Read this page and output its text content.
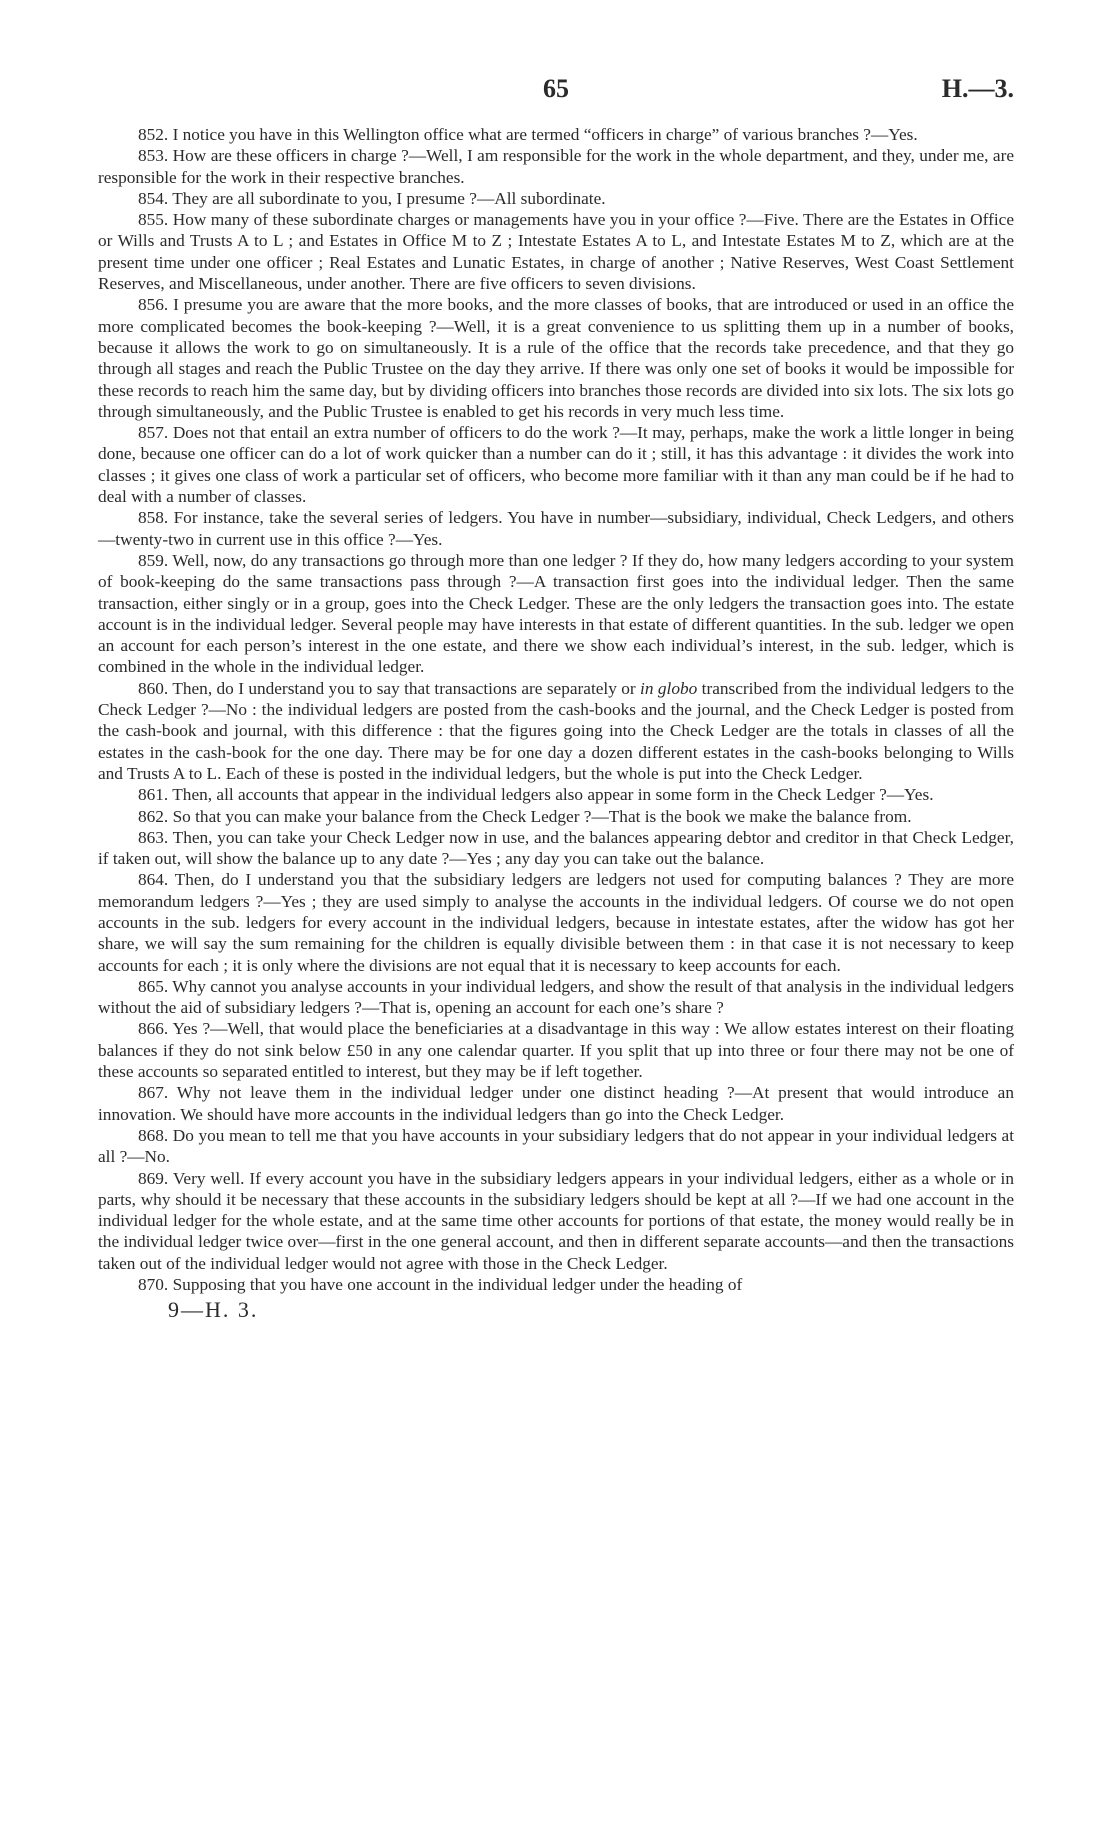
65	H.—3.

852. I notice you have in this Wellington office what are termed “officers in charge” of various branches ?—Yes.

853. How are these officers in charge ?—Well, I am responsible for the work in the whole department, and they, under me, are responsible for the work in their respective branches.

854. They are all subordinate to you, I presume ?—All subordinate.

855. How many of these subordinate charges or managements have you in your office ?—Five. There are the Estates in Office or Wills and Trusts A to L ; and Estates in Office M to Z ; Intestate Estates A to L, and Intestate Estates M to Z, which are at the present time under one officer ; Real Estates and Lunatic Estates, in charge of another ; Native Reserves, West Coast Settlement Reserves, and Miscellaneous, under another. There are five officers to seven divisions.

856. I presume you are aware that the more books, and the more classes of books, that are introduced or used in an office the more complicated becomes the book-keeping ?—Well, it is a great convenience to us splitting them up in a number of books, because it allows the work to go on simultaneously. It is a rule of the office that the records take precedence, and that they go through all stages and reach the Public Trustee on the day they arrive. If there was only one set of books it would be impossible for these records to reach him the same day, but by dividing officers into branches those records are divided into six lots. The six lots go through simultaneously, and the Public Trustee is enabled to get his records in very much less time.

857. Does not that entail an extra number of officers to do the work ?—It may, perhaps, make the work a little longer in being done, because one officer can do a lot of work quicker than a number can do it ; still, it has this advantage : it divides the work into classes ; it gives one class of work a particular set of officers, who become more familiar with it than any man could be if he had to deal with a number of classes.

858. For instance, take the several series of ledgers. You have in number—subsidiary, individual, Check Ledgers, and others—twenty-two in current use in this office ?—Yes.

859. Well, now, do any transactions go through more than one ledger ? If they do, how many ledgers according to your system of book-keeping do the same transactions pass through ?—A transaction first goes into the individual ledger. Then the same transaction, either singly or in a group, goes into the Check Ledger. These are the only ledgers the transaction goes into. The estate account is in the individual ledger. Several people may have interests in that estate of different quantities. In the sub. ledger we open an account for each person’s interest in the one estate, and there we show each individual’s interest, in the sub. ledger, which is combined in the whole in the individual ledger.

860. Then, do I understand you to say that transactions are separately or in globo transcribed from the individual ledgers to the Check Ledger ?—No : the individual ledgers are posted from the cash-books and the journal, and the Check Ledger is posted from the cash-book and journal, with this difference : that the figures going into the Check Ledger are the totals in classes of all the estates in the cash-book for the one day. There may be for one day a dozen different estates in the cash-books belonging to Wills and Trusts A to L. Each of these is posted in the individual ledgers, but the whole is put into the Check Ledger.

861. Then, all accounts that appear in the individual ledgers also appear in some form in the Check Ledger ?—Yes.

862. So that you can make your balance from the Check Ledger ?—That is the book we make the balance from.

863. Then, you can take your Check Ledger now in use, and the balances appearing debtor and creditor in that Check Ledger, if taken out, will show the balance up to any date ?—Yes ; any day you can take out the balance.

864. Then, do I understand you that the subsidiary ledgers are ledgers not used for computing balances ? They are more memorandum ledgers ?—Yes ; they are used simply to analyse the accounts in the individual ledgers. Of course we do not open accounts in the sub. ledgers for every account in the individual ledgers, because in intestate estates, after the widow has got her share, we will say the sum remaining for the children is equally divisible between them : in that case it is not necessary to keep accounts for each ; it is only where the divisions are not equal that it is necessary to keep accounts for each.

865. Why cannot you analyse accounts in your individual ledgers, and show the result of that analysis in the individual ledgers without the aid of subsidiary ledgers ?—That is, opening an account for each one’s share ?

866. Yes ?—Well, that would place the beneficiaries at a disadvantage in this way : We allow estates interest on their floating balances if they do not sink below £50 in any one calendar quarter. If you split that up into three or four there may not be one of these accounts so separated entitled to interest, but they may be if left together.

867. Why not leave them in the individual ledger under one distinct heading ?—At present that would introduce an innovation. We should have more accounts in the individual ledgers than go into the Check Ledger.

868. Do you mean to tell me that you have accounts in your subsidiary ledgers that do not appear in your individual ledgers at all ?—No.

869. Very well. If every account you have in the subsidiary ledgers appears in your individual ledgers, either as a whole or in parts, why should it be necessary that these accounts in the subsidiary ledgers should be kept at all ?—If we had one account in the individual ledger for the whole estate, and at the same time other accounts for portions of that estate, the money would really be in the individual ledger twice over—first in the one general account, and then in different separate accounts—and then the transactions taken out of the individual ledger would not agree with those in the Check Ledger.

870. Supposing that you have one account in the individual ledger under the heading of

9—H. 3.
